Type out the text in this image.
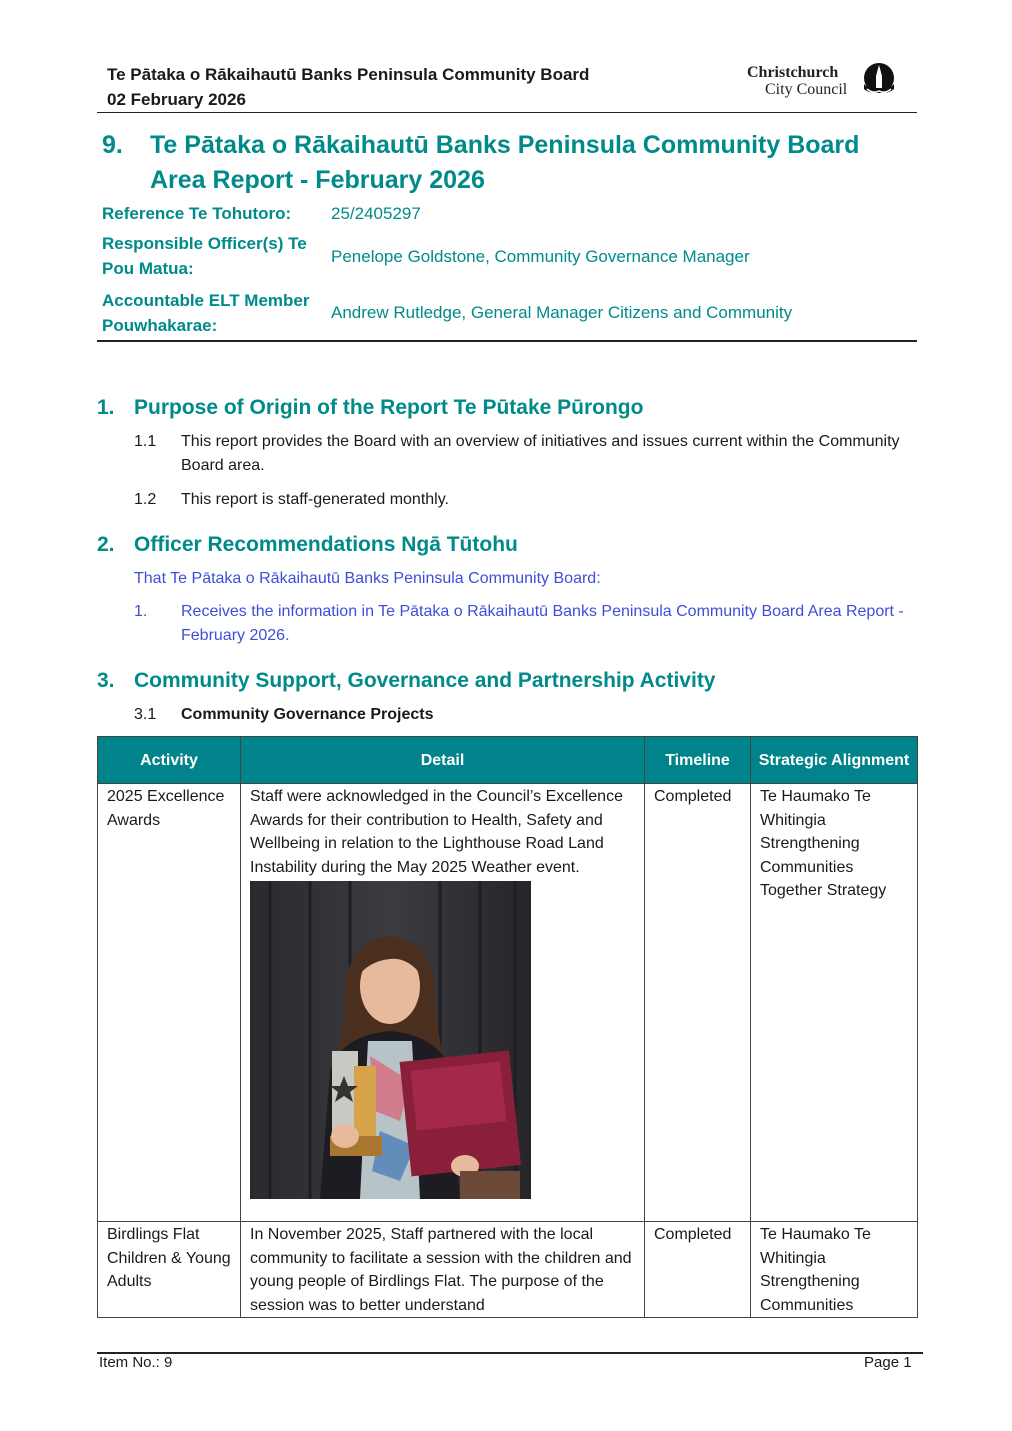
Te Pātaka o Rākaihautū Banks Peninsula Community Board
02 February 2026
Christchurch
City Council
9. Te Pātaka o Rākaihautū Banks Peninsula Community Board Area Report - February 2026
Reference Te Tohutoro: 25/2405297
Responsible Officer(s) Te Pou Matua:
Penelope Goldstone, Community Governance Manager
Accountable ELT Member Pouwhakarae:
Andrew Rutledge, General Manager Citizens and Community
1. Purpose of Origin of the Report Te Pūtake Pūrongo
1.1 This report provides the Board with an overview of initiatives and issues current within the Community Board area.
1.2 This report is staff-generated monthly.
2. Officer Recommendations Ngā Tūtohu
That Te Pātaka o Rākaihautū Banks Peninsula Community Board:
1. Receives the information in Te Pātaka o Rākaihautū Banks Peninsula Community Board Area Report - February 2026.
3. Community Support, Governance and Partnership Activity
3.1 Community Governance Projects
Activity	Detail	Timeline	Strategic Alignment
2025 Excellence Awards	Staff were acknowledged in the Council’s Excellence Awards for their contribution to Health, Safety and Wellbeing in relation to the Lighthouse Road Land Instability during the May 2025 Weather event.	Completed	Te Haumako Te Whitingia Strengthening Communities Together Strategy
Birdlings Flat Children & Young Adults	In November 2025, Staff partnered with the local community to facilitate a session with the children and young people of Birdlings Flat. The purpose of the session was to better understand	Completed	Te Haumako Te Whitingia Strengthening Communities
Item No.: 9	Page 1
